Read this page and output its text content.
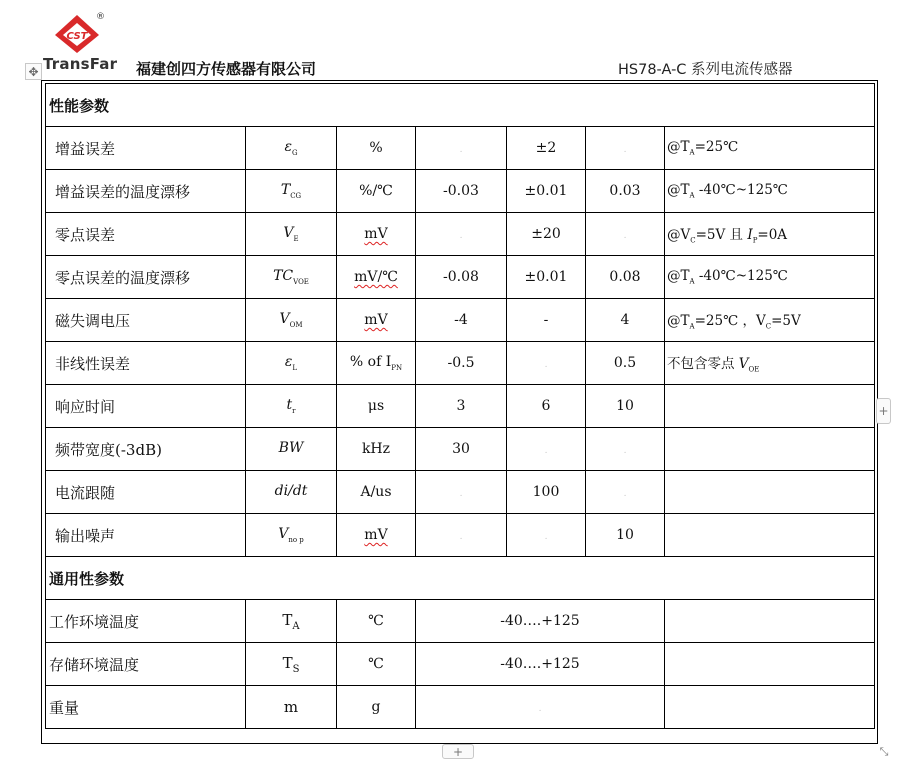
CST
®
TransFar 福建创四方传感器有限公司	HS78-A-C 系列电流传感器
✥
性能参数						
增益误差	$\varepsilon_G$	%	.	±2	.	$@T_A=25℃$
增益误差的温度漂移	$T_{CG}$	%/℃	-0.03	±0.01	0.03	$@T_A$ -40℃~125℃
零点误差	$V_E$	mV	.	±20	.	$@V_C=5V$ 且 $I_P=0A$
零点误差的温度漂移	$TC_{VOE}$	mV/℃	-0.08	±0.01	0.08	$@T_A$ -40℃~125℃
磁失调电压	$V_{OM}$	mV	-4	-	4	$@T_A=25℃$ ，$V_C=5V$
非线性误差	$\varepsilon_L$	% of $I_{PN}$	-0.5	.	0.5	不包含零点 $V_{OE}$
响应时间	$t_r$	μs	3	6	10	
频带宽度(-3dB)	BW	kHz	30	.	.	
电流跟随	di/dt	A/us	.	100	.	
输出噪声	$V_{no p}$	mV	.	.	10	
通用性参数						
工作环境温度	$T_A$	℃	-40….+125			
存储环境温度	$T_S$	℃	-40….+125			
重量	m	g	.			
+
+	⤡
